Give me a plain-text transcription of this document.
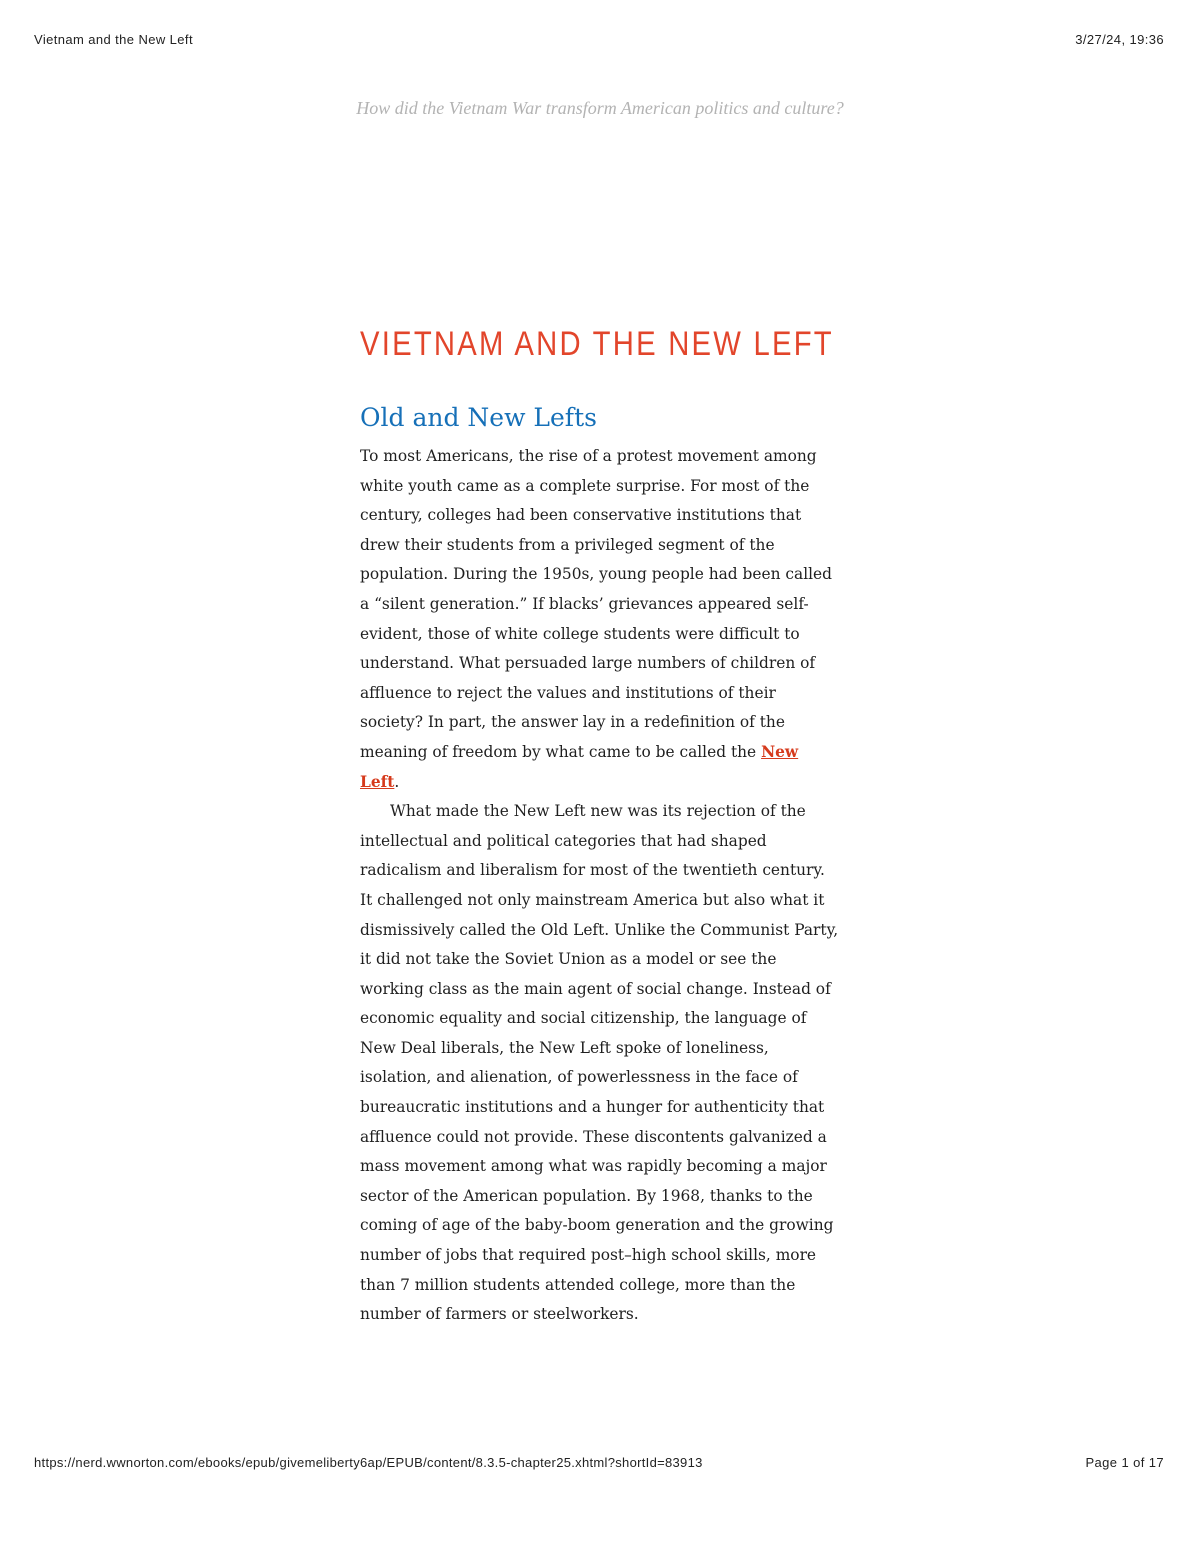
Vietnam and the New Left	3/27/24, 19:36
How did the Vietnam War transform American politics and culture?
VIETNAM AND THE NEW LEFT
Old and New Lefts

To most Americans, the rise of a protest movement among white youth came as a complete surprise. For most of the century, colleges had been conservative institutions that drew their students from a privileged segment of the population. During the 1950s, young people had been called a “silent generation.” If blacks’ grievances appeared self-evident, those of white college students were difficult to understand. What persuaded large numbers of children of affluence to reject the values and institutions of their society? In part, the answer lay in a redefinition of the meaning of freedom by what came to be called the New Left.

What made the New Left new was its rejection of the intellectual and political categories that had shaped radicalism and liberalism for most of the twentieth century. It challenged not only mainstream America but also what it dismissively called the Old Left. Unlike the Communist Party, it did not take the Soviet Union as a model or see the working class as the main agent of social change. Instead of economic equality and social citizenship, the language of New Deal liberals, the New Left spoke of loneliness, isolation, and alienation, of powerlessness in the face of bureaucratic institutions and a hunger for authenticity that affluence could not provide. These discontents galvanized a mass movement among what was rapidly becoming a major sector of the American population. By 1968, thanks to the coming of age of the baby-boom generation and the growing number of jobs that required post–high school skills, more than 7 million students attended college, more than the number of farmers or steelworkers.

https://nerd.wwnorton.com/ebooks/epub/givemeliberty6ap/EPUB/content/8.3.5-chapter25.xhtml?shortId=83913	Page 1 of 17
